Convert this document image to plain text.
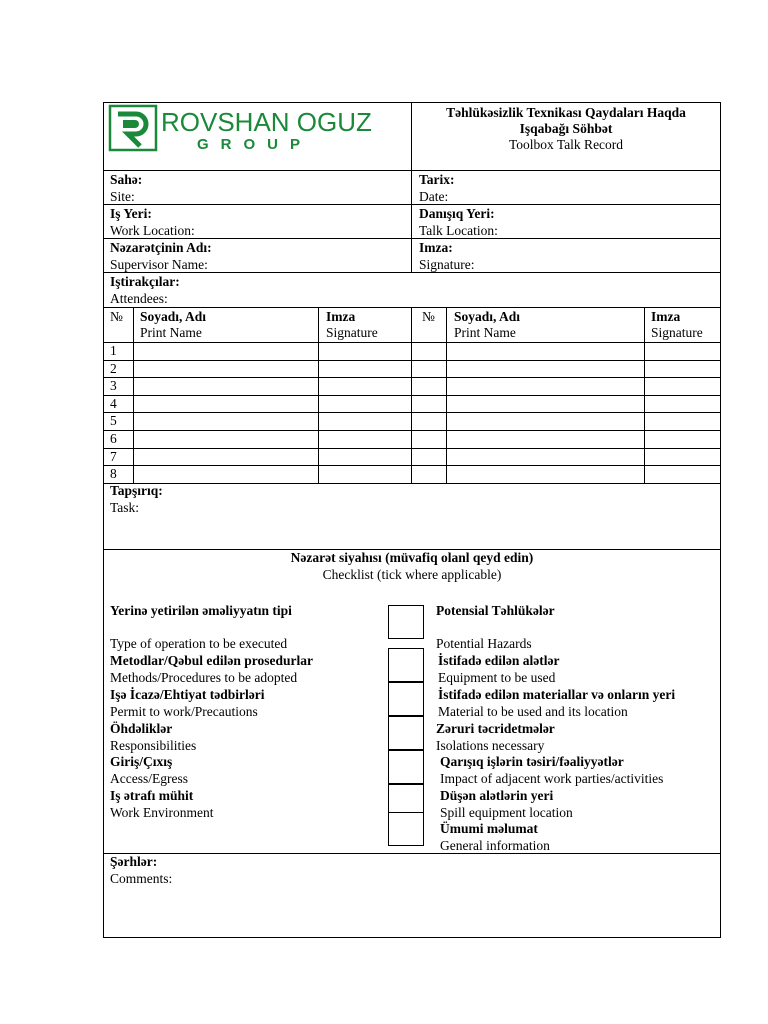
ROVSHAN OGUZ
GROUP
Təhlükəsizlik Texnikası Qaydaları Haqda
Işqabağı Söhbət
Toolbox Talk Record
Sahə:
Site:
Tarix:
Date:
Iş Yeri:
Work Location:
Danışıq Yeri:
Talk Location:
Nəzarətçinin Adı:
Supervisor Name:
Imza:
Signature:
Iştirakçılar:
Attendees:
№ Soyadı, Adı
Print Name
Imza
Signature
№ Soyadı, Adı
Print Name
Imza
Signature
1
2
3
4
5
6
7
8
Tapşırıq:
Task:
Nəzarət siyahısı (müvafiq olanl qeyd edin)
Checklist (tick where applicable)
Yerinə yetirilən əməliyyatın tipi
Type of operation to be executed
Metodlar/Qəbul edilən prosedurlar
Methods/Procedures to be adopted
Işə İcazə/Ehtiyat tədbirləri
Permit to work/Precautions
Öhdəliklər
Responsibilities
Giriş/Çıxış
Access/Egress
Iş ətrafı mühit
Work Environment
Potensial Təhlükələr
Potential Hazards
İstifadə edilən alətlər
Equipment to be used
İstifadə edilən materiallar və onların yeri
Material to be used and its location
Zəruri təcridetmələr
Isolations necessary
Qarışıq işlərin təsiri/fəaliyyətlər
Impact of adjacent work parties/activities
Düşən alətlərin yeri
Spill equipment location
Ümumi məlumat
General information
Şərhlər:
Comments:
